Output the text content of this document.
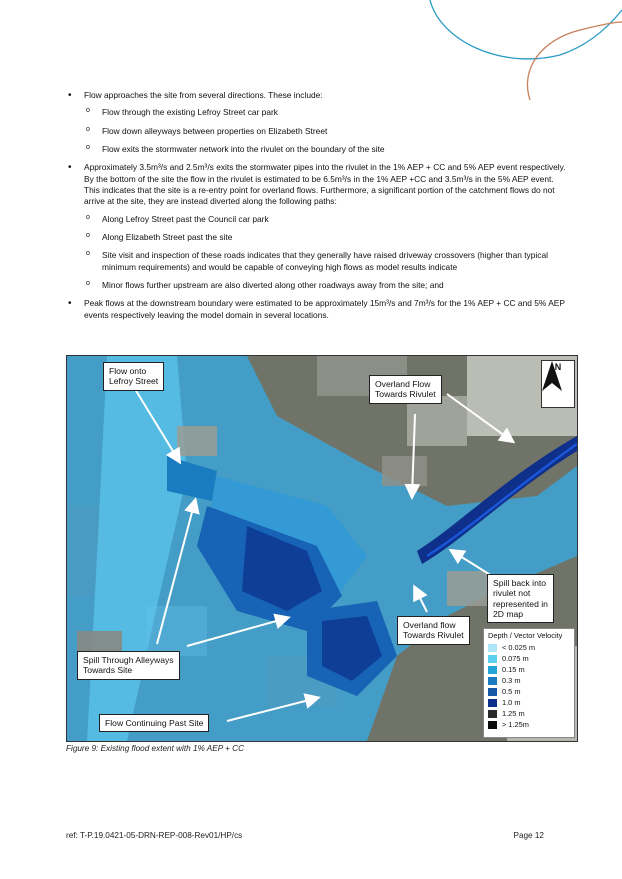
• Flow approaches the site from several directions. These include:
o Flow through the existing Lefroy Street car park
o Flow down alleyways between properties on Elizabeth Street
o Flow exits the stormwater network into the rivulet on the boundary of the site
• Approximately 3.5m³/s and 2.5m³/s exits the stormwater pipes into the rivulet in the 1% AEP + CC and 5% AEP event respectively. By the bottom of the site the flow in the rivulet is estimated to be 6.5m³/s in the 1% AEP +CC and 3.5m³/s in the 5% AEP event. This indicates that the site is a re-entry point for overland flows. Furthermore, a significant portion of the catchment flows do not arrive at the site, they are instead diverted along the following paths:
o Along Lefroy Street past the Council car park
o Along Elizabeth Street past the site
o Site visit and inspection of these roads indicates that they generally have raised driveway crossovers (higher than typical minimum requirements) and would be capable of conveying high flows as model results indicate
o Minor flows further upstream are also diverted along other roadways away from the site; and
• Peak flows at the downstream boundary were estimated to be approximately 15m³/s and 7m³/s for the 1% AEP + CC and 5% AEP events respectively leaving the model domain in several locations.
Flow onto
Lefroy Street	Overland Flow
Towards Rivulet
Spill back into
rivulet not
represented in
2D map
Overland flow
Towards Rivulet
Spill Through Alleyways
Towards Site
Flow Continuing Past Site
N
Depth / Vector Velocity
< 0.025 m
0.075 m
0.15 m
0.3 m
0.5 m
1.0 m
1.25 m
> 1.25m
Figure 9: Existing flood extent with 1% AEP + CC
ref: T-P.19.0421-05-DRN-REP-008-Rev01/HP/cs	Page 12
